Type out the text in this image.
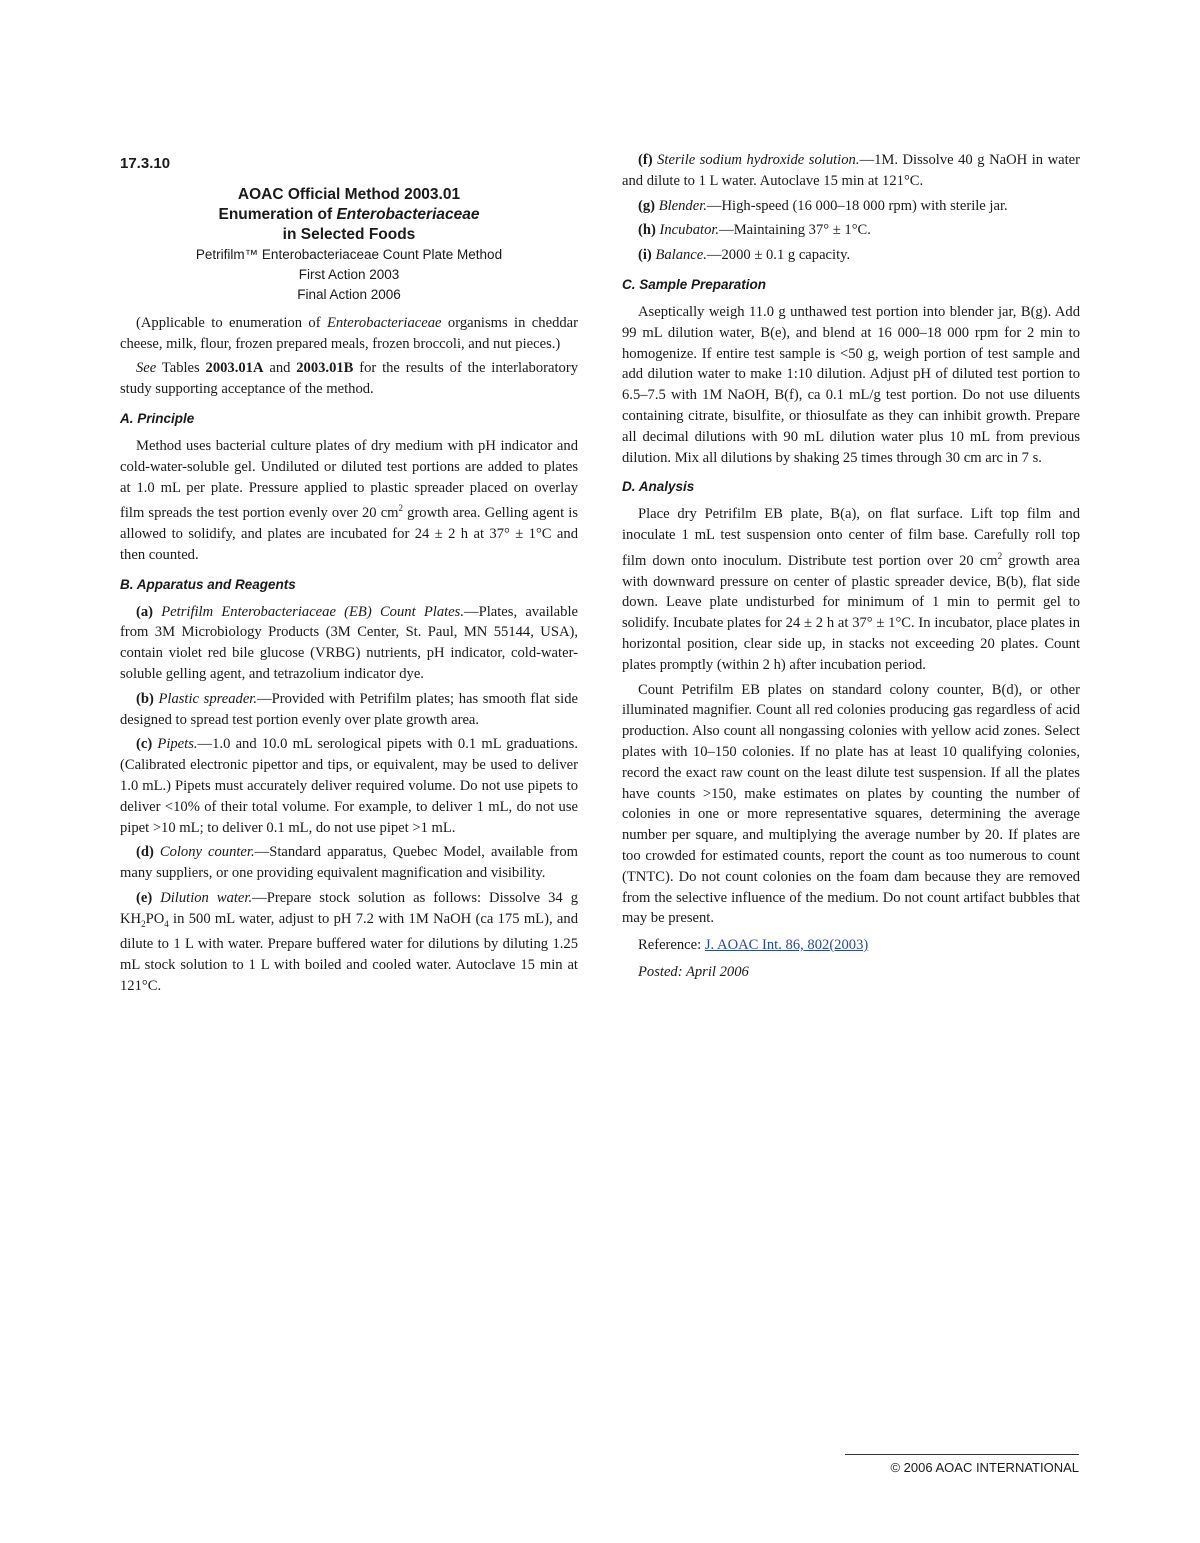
17.3.10
AOAC Official Method 2003.01
Enumeration of Enterobacteriaceae
in Selected Foods
Petrifilm™ Enterobacteriaceae Count Plate Method
First Action 2003
Final Action 2006

(Applicable to enumeration of Enterobacteriaceae organisms in cheddar cheese, milk, flour, frozen prepared meals, frozen broccoli, and nut pieces.)

See Tables 2003.01A and 2003.01B for the results of the interlaboratory study supporting acceptance of the method.

A. Principle

Method uses bacterial culture plates of dry medium with pH indicator and cold-water-soluble gel. Undiluted or diluted test portions are added to plates at 1.0 mL per plate. Pressure applied to plastic spreader placed on overlay film spreads the test portion evenly over 20 $cm^2$ growth area. Gelling agent is allowed to solidify, and plates are incubated for 24 ± 2 h at 37° ± 1°C and then counted.

B. Apparatus and Reagents

(a) Petrifilm Enterobacteriaceae (EB) Count Plates.—Plates, available from 3M Microbiology Products (3M Center, St. Paul, MN 55144, USA), contain violet red bile glucose (VRBG) nutrients, pH indicator, cold-water-soluble gelling agent, and tetrazolium indicator dye.

(b) Plastic spreader.—Provided with Petrifilm plates; has smooth flat side designed to spread test portion evenly over plate growth area.

(c) Pipets.—1.0 and 10.0 mL serological pipets with 0.1 mL graduations. (Calibrated electronic pipettor and tips, or equivalent, may be used to deliver 1.0 mL.) Pipets must accurately deliver required volume. Do not use pipets to deliver <10% of their total volume. For example, to deliver 1 mL, do not use pipet >10 mL; to deliver 0.1 mL, do not use pipet >1 mL.

(d) Colony counter.—Standard apparatus, Quebec Model, available from many suppliers, or one providing equivalent magnification and visibility.

(e) Dilution water.—Prepare stock solution as follows: Dissolve 34 g $KH_2PO_4$ in 500 mL water, adjust to pH 7.2 with 1M NaOH (ca 175 mL), and dilute to 1 L with water. Prepare buffered water for dilutions by diluting 1.25 mL stock solution to 1 L with boiled and cooled water. Autoclave 15 min at 121°C.

(f) Sterile sodium hydroxide solution.—1M. Dissolve 40 g NaOH in water and dilute to 1 L water. Autoclave 15 min at 121°C.

(g) Blender.—High-speed (16 000–18 000 rpm) with sterile jar.

(h) Incubator.—Maintaining 37° ± 1°C.

(i) Balance.—2000 ± 0.1 g capacity.

C. Sample Preparation

Aseptically weigh 11.0 g unthawed test portion into blender jar, B(g). Add 99 mL dilution water, B(e), and blend at 16 000–18 000 rpm for 2 min to homogenize. If entire test sample is <50 g, weigh portion of test sample and add dilution water to make 1:10 dilution. Adjust pH of diluted test portion to 6.5–7.5 with 1M NaOH, B(f), ca 0.1 mL/g test portion. Do not use diluents containing citrate, bisulfite, or thiosulfate as they can inhibit growth. Prepare all decimal dilutions with 90 mL dilution water plus 10 mL from previous dilution. Mix all dilutions by shaking 25 times through 30 cm arc in 7 s.

D. Analysis

Place dry Petrifilm EB plate, B(a), on flat surface. Lift top film and inoculate 1 mL test suspension onto center of film base. Carefully roll top film down onto inoculum. Distribute test portion over 20 $cm^2$ growth area with downward pressure on center of plastic spreader device, B(b), flat side down. Leave plate undisturbed for minimum of 1 min to permit gel to solidify. Incubate plates for 24 ± 2 h at 37° ± 1°C. In incubator, place plates in horizontal position, clear side up, in stacks not exceeding 20 plates. Count plates promptly (within 2 h) after incubation period.

Count Petrifilm EB plates on standard colony counter, B(d), or other illuminated magnifier. Count all red colonies producing gas regardless of acid production. Also count all nongassing colonies with yellow acid zones. Select plates with 10–150 colonies. If no plate has at least 10 qualifying colonies, record the exact raw count on the least dilute test suspension. If all the plates have counts >150, make estimates on plates by counting the number of colonies in one or more representative squares, determining the average number per square, and multiplying the average number by 20. If plates are too crowded for estimated counts, report the count as too numerous to count (TNTC). Do not count colonies on the foam dam because they are removed from the selective influence of the medium. Do not count artifact bubbles that may be present.

Reference: J. AOAC Int. 86, 802(2003)

Posted: April 2006

© 2006 AOAC INTERNATIONAL
